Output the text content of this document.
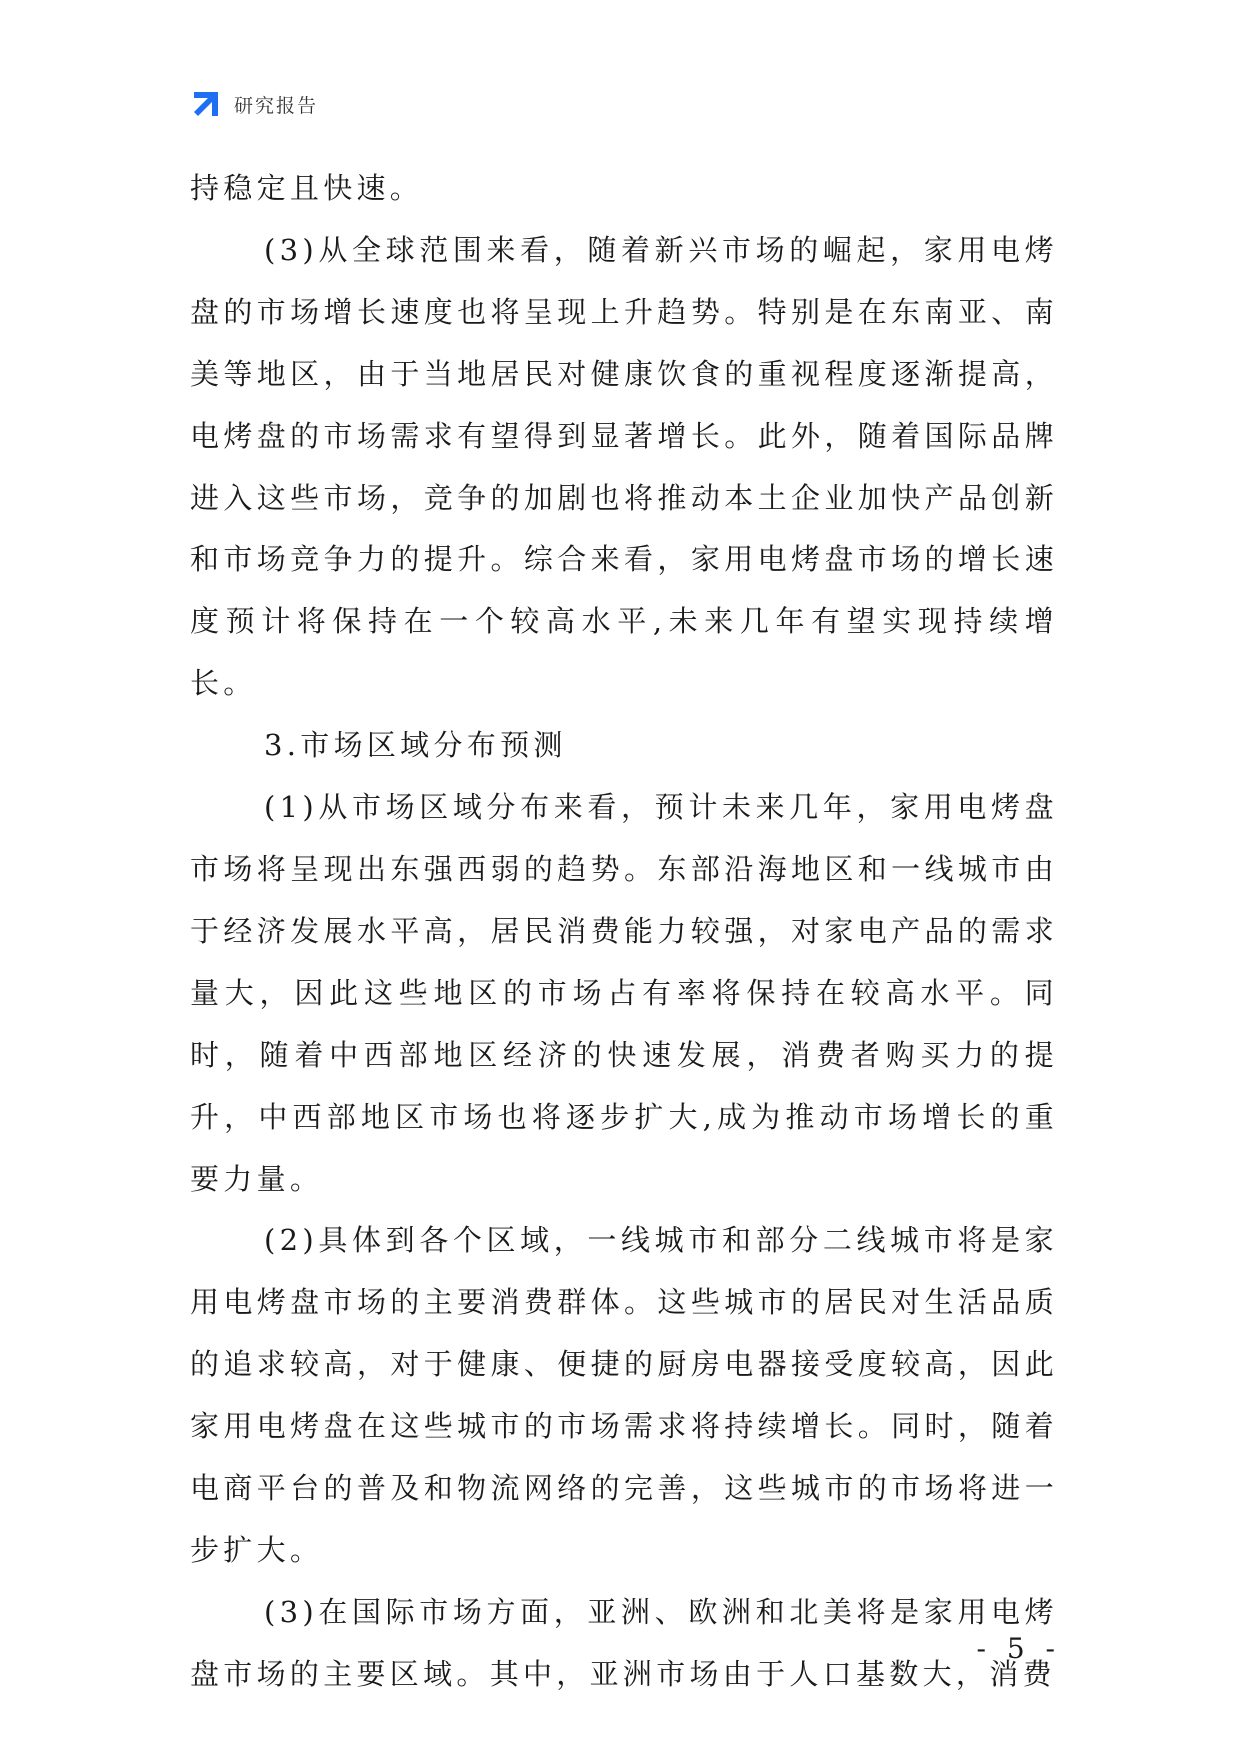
研究报告

持稳定且快速。

(3)从全球范围来看，随着新兴市场的崛起，家用电烤盘的市场增长速度也将呈现上升趋势。特别是在东南亚、南美等地区，由于当地居民对健康饮食的重视程度逐渐提高，电烤盘的市场需求有望得到显著增长。此外，随着国际品牌进入这些市场，竞争的加剧也将推动本土企业加快产品创新和市场竞争力的提升。综合来看，家用电烤盘市场的增长速度预计将保持在一个较高水平,未来几年有望实现持续增长。

3.市场区域分布预测

(1)从市场区域分布来看，预计未来几年，家用电烤盘市场将呈现出东强西弱的趋势。东部沿海地区和一线城市由于经济发展水平高，居民消费能力较强，对家电产品的需求量大，因此这些地区的市场占有率将保持在较高水平。同时，随着中西部地区经济的快速发展，消费者购买力的提升，中西部地区市场也将逐步扩大,成为推动市场增长的重要力量。

(2)具体到各个区域，一线城市和部分二线城市将是家用电烤盘市场的主要消费群体。这些城市的居民对生活品质的追求较高，对于健康、便捷的厨房电器接受度较高，因此家用电烤盘在这些城市的市场需求将持续增长。同时，随着电商平台的普及和物流网络的完善，这些城市的市场将进一步扩大。

(3)在国际市场方面，亚洲、欧洲和北美将是家用电烤盘市场的主要区域。其中，亚洲市场由于人口基数大，消费

- 5 -
